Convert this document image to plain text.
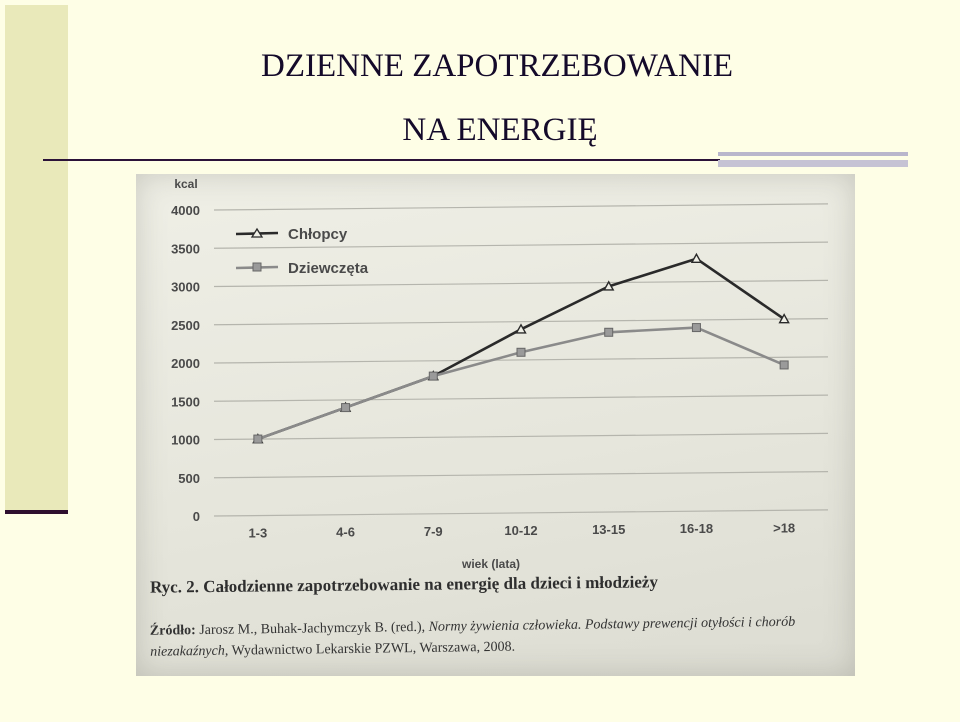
DZIENNE ZAPOTRZEBOWANIE
NA ENERGIĘ
0
500
1000
1500
2000
2500
3000
3500
4000
kcal
1-3	4-6	7-9	10-12	13-15	16-18	>18
wiek (lata)
Chłopcy
Dziewczęta
Ryc. 2. Całodzienne zapotrzebowanie na energię dla dzieci i młodzieży
Źródło: Jarosz M., Buhak-Jachymczyk B. (red.), Normy żywienia człowieka. Podstawy prewencji otyłości i chorób niezakaźnych, Wydawnictwo Lekarskie PZWL, Warszawa, 2008.
